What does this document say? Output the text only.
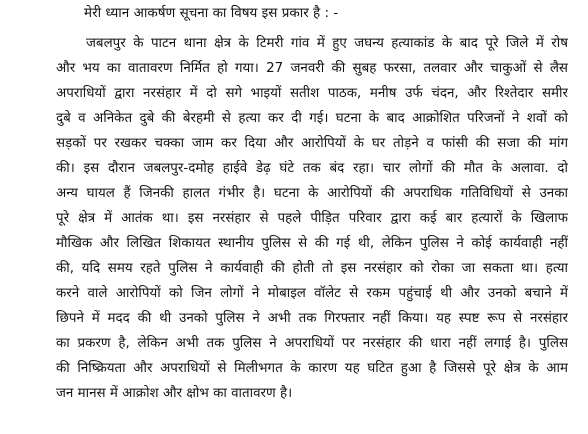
मेरी ध्यान आकर्षण सूचना का विषय इस प्रकार है : -
जबलपुर के पाटन थाना क्षेत्र के टिमरी गांव में हुए जघन्य हत्याकांड के बाद पूरे जिले में रोष
और भय का वातावरण निर्मित हो गया। 27 जनवरी की सुबह फरसा, तलवार और चाकुओं से लैस
अपराधियों द्वारा नरसंहार में दो सगे भाइयों सतीश पाठक, मनीष उर्फ चंदन, और रिश्तेदार समीर
दुबे व अनिकेत दुबे की बेरहमी से हत्या कर दी गई। घटना के बाद आक्रोशित परिजनों ने शवों को
सड़कों पर रखकर चक्का जाम कर दिया और आरोपियों के घर तोड़ने व फांसी की सजा की मांग
की। इस दौरान जबलपुर-दमोह हाईवे डेढ़ घंटे तक बंद रहा। चार लोगों की मौत के अलावा. दो
अन्य घायल हैं जिनकी हालत गंभीर है। घटना के आरोपियों की अपराधिक गतिविधियों से उनका
पूरे क्षेत्र में आतंक था। इस नरसंहार से पहले पीड़ित परिवार द्वारा कई बार हत्यारों के खिलाफ
मौखिक और लिखित शिकायत स्थानीय पुलिस से की गई थी, लेकिन पुलिस ने कोई कार्यवाही नहीं
की, यदि समय रहते पुलिस ने कार्यवाही की होती तो इस नरसंहार को रोका जा सकता था। हत्या
करने वाले आरोपियों को जिन लोगों ने मोबाइल वॉलेट से रकम पहुंचाई थी और उनको बचाने में
छिपने में मदद की थी उनको पुलिस ने अभी तक गिरफ्तार नहीं किया। यह स्पष्ट रूप से नरसंहार
का प्रकरण है, लेकिन अभी तक पुलिस ने अपराधियों पर नरसंहार की धारा नहीं लगाई है। पुलिस
की निष्क्रियता और अपराधियों से मिलीभगत के कारण यह घटित हुआ है जिससे पूरे क्षेत्र के आम
जन मानस में आक्रोश और क्षोभ का वातावरण है।
